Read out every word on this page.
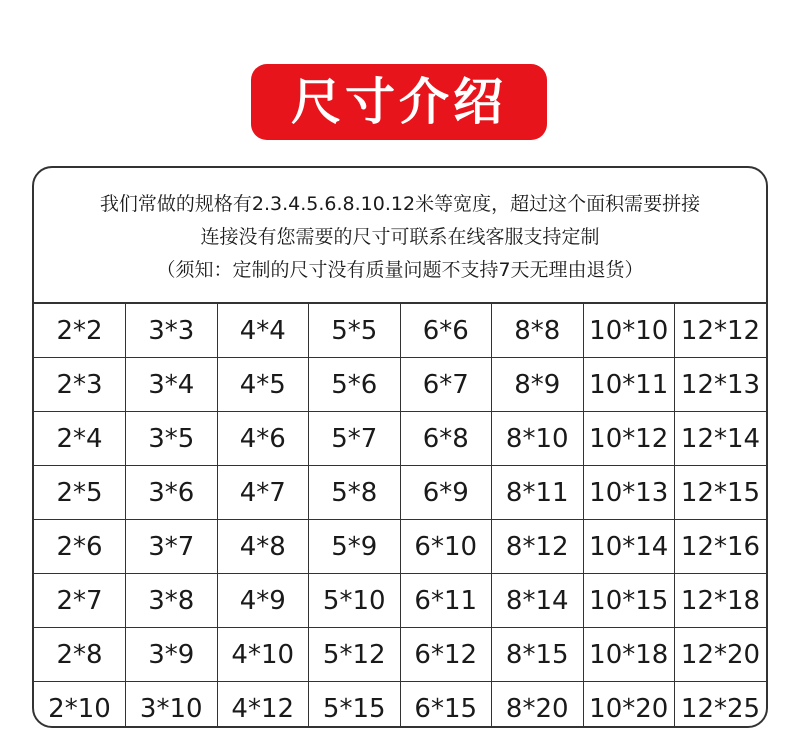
尺寸介绍

我们常做的规格有2.3.4.5.6.8.10.12米等宽度，超过这个面积需要拼接

连接没有您需要的尺寸可联系在线客服支持定制

（须知：定制的尺寸没有质量问题不支持7天无理由退货）

2*2	3*3	4*4	5*5	6*6	8*8	10*10	12*12
2*3	3*4	4*5	5*6	6*7	8*9	10*11	12*13
2*4	3*5	4*6	5*7	6*8	8*10	10*12	12*14
2*5	3*6	4*7	5*8	6*9	8*11	10*13	12*15
2*6	3*7	4*8	5*9	6*10	8*12	10*14	12*16
2*7	3*8	4*9	5*10	6*11	8*14	10*15	12*18
2*8	3*9	4*10	5*12	6*12	8*15	10*18	12*20
2*10	3*10	4*12	5*15	6*15	8*20	10*20	12*25
